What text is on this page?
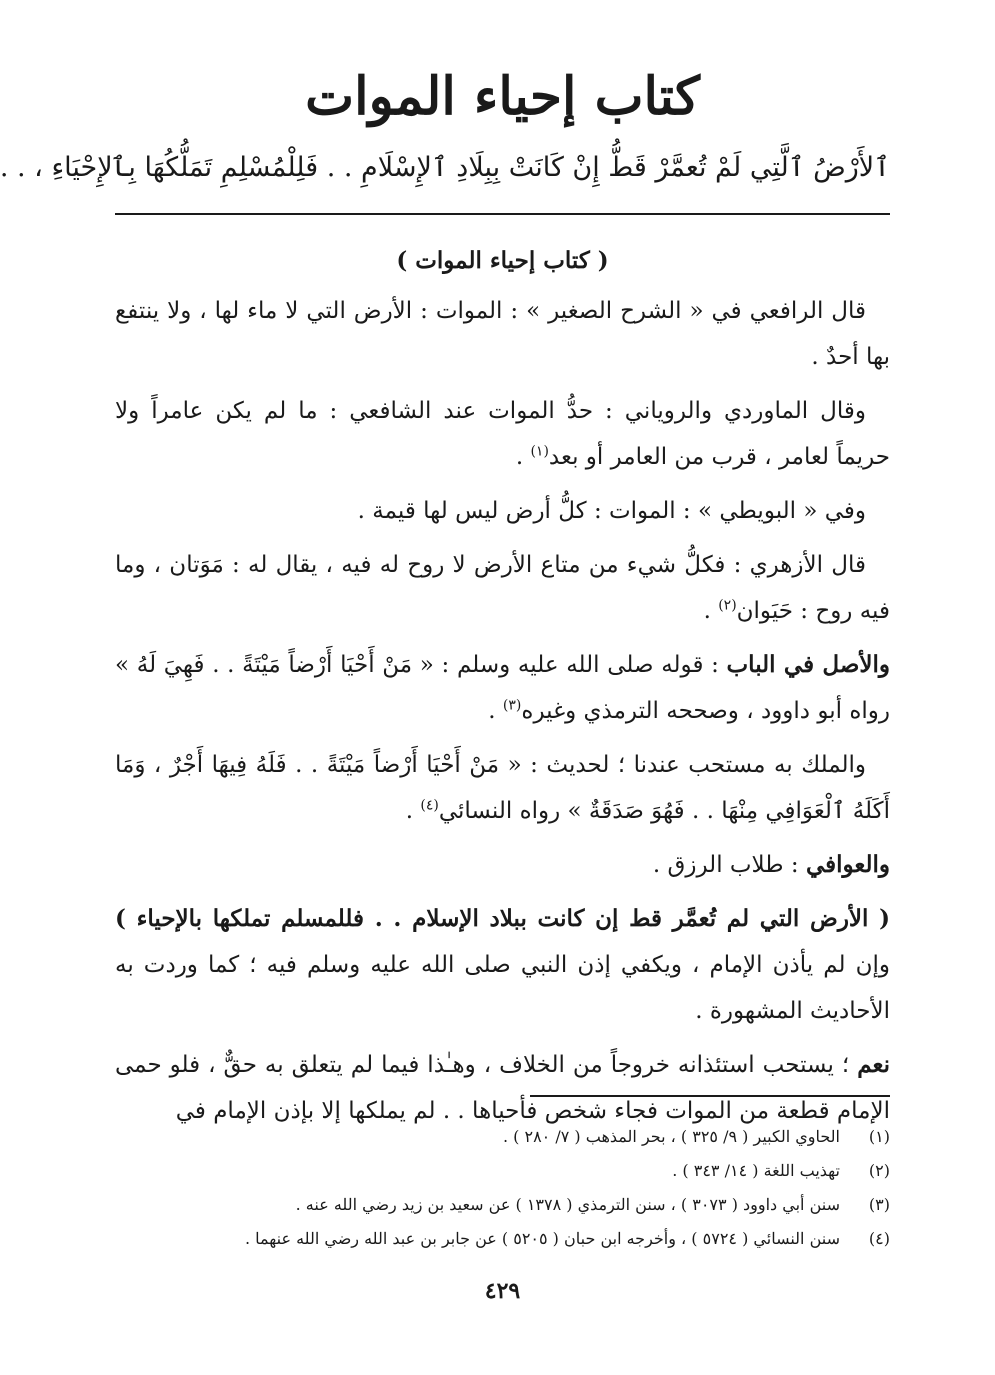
كتاب إحياء الموات
ٱلأَرْضُ ٱلَّتِي لَمْ تُعمَّرْ قَطُّ إِنْ كَانَتْ بِبِلَادِ ٱلإِسْلَامِ . . فَلِلْمُسْلِمِ تَمَلُّكُهَا بِٱلإِحْيَاءِ ، . .
( كتاب إحياء الموات )

قال الرافعي في « الشرح الصغير » : الموات : الأرض التي لا ماء لها ، ولا ينتفع بها أحدٌ .

وقال الماوردي والروياني : حدُّ الموات عند الشافعي : ما لم يكن عامراً ولا حريماً لعامر ، قرب من العامر أو بعد$^{(١)}$ .

وفي « البويطي » : الموات : كلُّ أرض ليس لها قيمة .

قال الأزهري : فكلُّ شيء من متاع الأرض لا روح له فيه ، يقال له : مَوَتان ، وما فيه روح : حَيَوان$^{(٢)}$ .

والأصل في الباب : قوله صلى الله عليه وسلم : « مَنْ أَحْيَا أَرْضاً مَيْتَةً . . فَهِيَ لَهُ » رواه أبو داوود ، وصححه الترمذي وغيره$^{(٣)}$ .

والملك به مستحب عندنا ؛ لحديث : « مَنْ أَحْيَا أَرْضاً مَيْتَةً . . فَلَهُ فِيهَا أَجْرٌ ، وَمَا أَكَلَهُ ٱلْعَوَافِي مِنْهَا . . فَهُوَ صَدَقَةٌ » رواه النسائي$^{(٤)}$ .

والعوافي : طلاب الرزق .

( الأرض التي لم تُعمَّر قط إن كانت ببلاد الإسلام . . فللمسلم تملكها بالإحياء ) وإن لم يأذن الإمام ، ويكفي إذن النبي صلى الله عليه وسلم فيه ؛ كما وردت به الأحاديث المشهورة .

نعم ؛ يستحب استئذانه خروجاً من الخلاف ، وهـٰذا فيما لم يتعلق به حقٌّ ، فلو حمى الإمام قطعة من الموات فجاء شخص فأحياها . . لم يملكها إلا بإذن الإمام في

(١)الحاوي الكبير ( ٩/ ٣٢٥ ) ، بحر المذهب ( ٧/ ٢٨٠ ) .

(٢)تهذيب اللغة ( ١٤/ ٣٤٣ ) .

(٣)سنن أبي داوود ( ٣٠٧٣ ) ، سنن الترمذي ( ١٣٧٨ ) عن سعيد بن زيد رضي الله عنه .

(٤)سنن النسائي ( ٥٧٢٤ ) ، وأخرجه ابن حبان ( ٥٢٠٥ ) عن جابر بن عبد الله رضي الله عنهما .

٤٢٩
